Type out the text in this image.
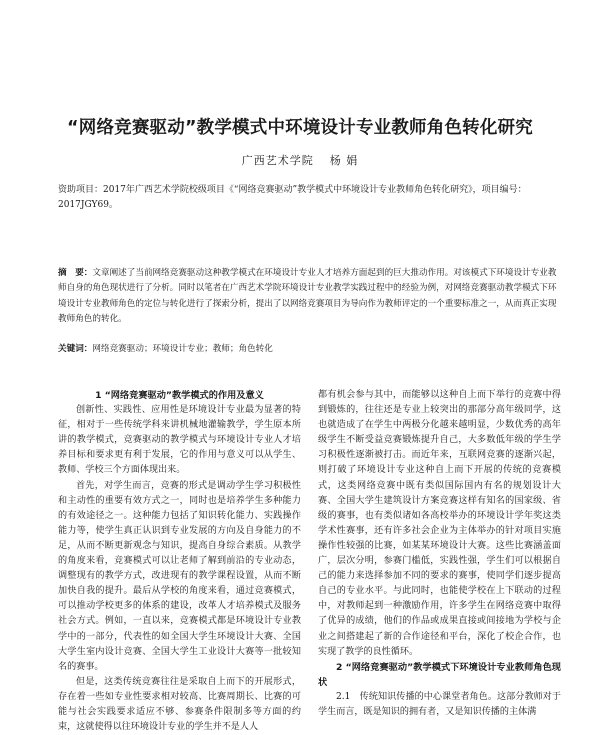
“网络竞赛驱动”教学模式中环境设计专业教师角色转化研究
广西艺术学院 杨 娟
资助项目：2017年广西艺术学院校级项目《“网络竞赛驱动”教学模式中环境设计专业教师角色转化研究》，项目编号：2017JGY69。
摘　要：文章阐述了当前网络竞赛驱动这种教学模式在环境设计专业人才培养方面起到的巨大推动作用。对该模式下环境设计专业教师自身的角色现状进行了分析。同时以笔者在广西艺术学院环境设计专业教学实践过程中的经验为例，对网络竞赛驱动教学模式下环境设计专业教师角色的定位与转化进行了探索分析，提出了以网络竞赛项目为导向作为教师评定的一个重要标准之一，从而真正实现教师角色的转化。
关键词：网络竞赛驱动；环境设计专业；教师；角色转化
1 “网络竞赛驱动”教学模式的作用及意义

创新性、实践性、应用性是环境设计专业最为显著的特征，相对于一些传统学科来讲机械地灌输教学，学生原本所讲的教学模式，竞赛驱动的教学模式与环境设计专业人才培养目标和要求更有利于发展，它的作用与意义可以从学生、教师、学校三个方面体现出来。

首先，对学生而言，竞赛的形式是调动学生学习积极性和主动性的重要有效方式之一，同时也是培养学生多种能力的有效途径之一。这种能力包括了知识转化能力、实践操作能力等，使学生真正认识到专业发展的方向及自身能力的不足，从而不断更新观念与知识，提高自身综合素质。从教学的角度来看，竞赛模式可以让老师了解到前沿的专业动态，调整现有的教学方式，改进现有的教学课程设置，从而不断加快自我的提升。最后从学校的角度来看，通过竞赛模式，可以推动学校更多的体系的建设，改革人才培养模式及服务社会方式。例如，一直以来，竞赛模式都是环境设计专业教学中的一部分，代表性的如全国大学生环境设计大赛、全国大学生室内设计竞赛、全国大学生工业设计大赛等一批较知名的赛事。

但是，这类传统竞赛往往是采取自上而下的开展形式，存在着一些如专业性要求相对较高、比赛周期长、比赛的可能与社会实践要求适应不够、参赛条件限制多等方面的约束，这就使得以往环境设计专业的学生并不是人人

都有机会参与其中，而能够以这种自上而下举行的竞赛中得到锻炼的，往往还是专业上较突出的那部分高年级同学，这也就造成了在学生中两极分化越来越明显，少数优秀的高年级学生不断受益竞赛锻炼提升自己，大多数低年级的学生学习积极性逐渐被打击。而近年来，互联网竞赛的逐渐兴起，则打破了环境设计专业这种自上而下开展的传统的竞赛模式，这类网络竞赛中既有类似国际国内有名的规划设计大赛、全国大学生建筑设计方案竞赛这样有知名的国家级、省级的赛事，也有类似诸如各高校举办的环境设计学年奖这类学术性赛事，还有许多社会企业为主体举办的针对项目实施操作性较强的比赛，如某某环境设计大赛。这些比赛涵盖面广，层次分明，参赛门槛低，实践性强，学生们可以根据自己的能力来选择参加不同的要求的赛事，使同学们逐步提高自己的专业水平。与此同时，也能使学校在上下联动的过程中，对教师起到一种激励作用，许多学生在网络竞赛中取得了优异的成绩，他们的作品或成果直接或间接地为学校与企业之间搭建起了新的合作途径和平台，深化了校企合作，也实现了教学的良性循环。

2 “网络竞赛驱动”教学模式下环境设计专业教师角色现状

2.1　传统知识传播的中心课堂者角色。这部分教师对于学生而言，既是知识的拥有者，又是知识传播的主体满
